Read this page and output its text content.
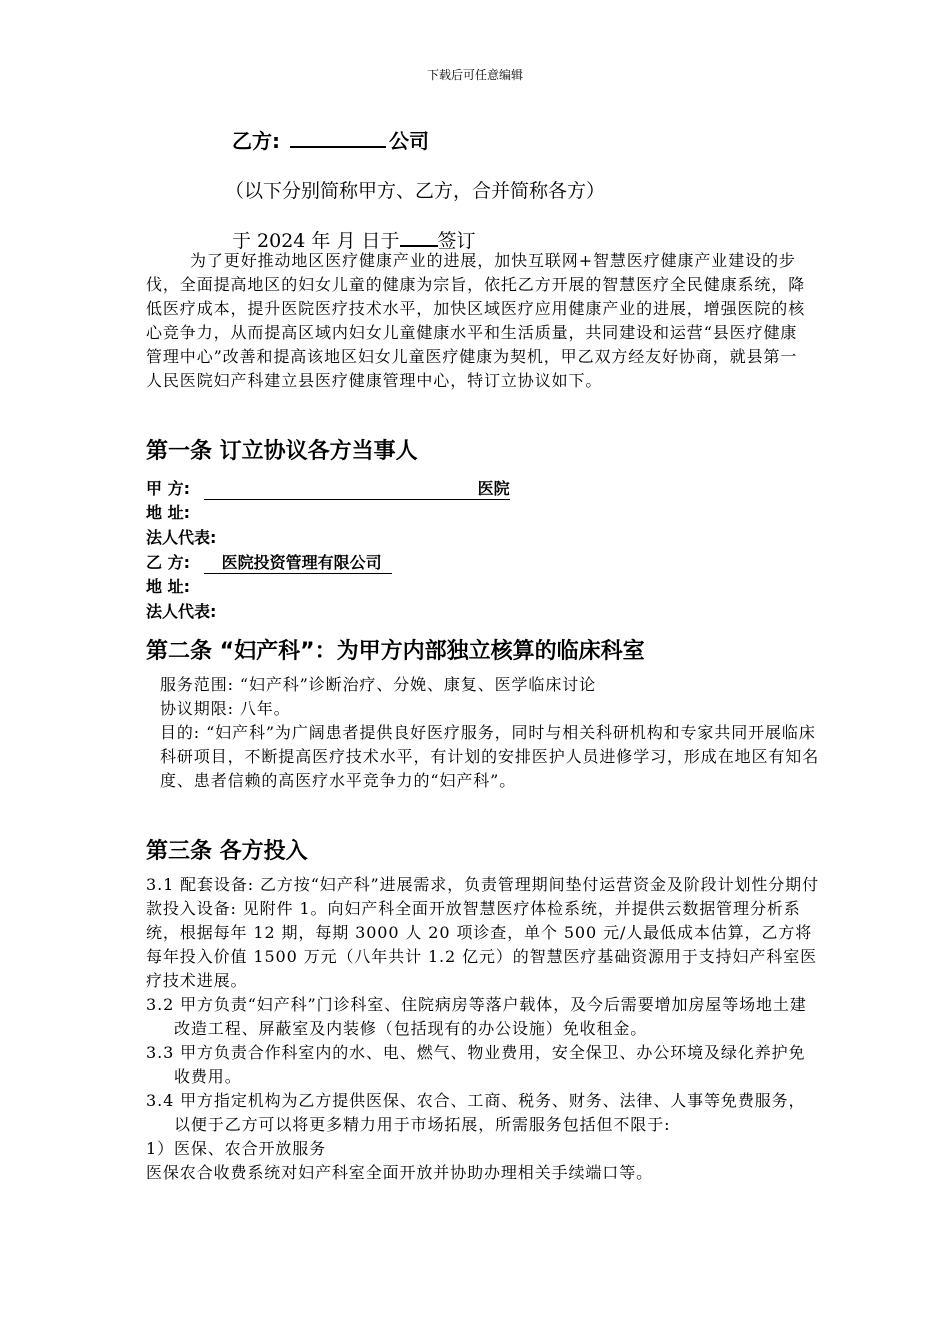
下载后可任意编辑
乙方:	公司
（以下分别简称甲方、乙方，合并简称各方）
于 2024 年 月 日于 签订
为了更好推动地区医疗健康产业的进展，加快互联网+智慧医疗健康产业建设的步伐，全面提高地区的妇女儿童的健康为宗旨，依托乙方开展的智慧医疗全民健康系统，降低医疗成本，提升医院医疗技术水平，加快区域医疗应用健康产业的进展，增强医院的核心竞争力，从而提高区域内妇女儿童健康水平和生活质量，共同建设和运营“县医疗健康管理中心”改善和提高该地区妇女儿童医疗健康为契机，甲乙双方经友好协商，就县第一人民医院妇产科建立县医疗健康管理中心，特订立协议如下。
第一条 订立协议各方当事人
甲 方:	医院
地 址:
法人代表:
乙 方: 医院投资管理有限公司
地 址:
法人代表:
第二条 “妇产科”：为甲方内部独立核算的临床科室
服务范围: “妇产科”诊断治疗、分娩、康复、医学临床讨论
协议期限: 八年。
目的: “妇产科”为广阔患者提供良好医疗服务，同时与相关科研机构和专家共同开展临床科研项目，不断提高医疗技术水平，有计划的安排医护人员进修学习，形成在地区有知名度、患者信赖的高医疗水平竞争力的“妇产科”。
第三条 各方投入
3.1 配套设备: 乙方按“妇产科”进展需求，负责管理期间垫付运营资金及阶段计划性分期付款投入设备: 见附件 1。向妇产科全面开放智慧医疗体检系统，并提供云数据管理分析系统，根据每年 12 期，每期 3000 人 20 项诊查，单个 500 元/人最低成本估算，乙方将每年投入价值 1500 万元（八年共计 1.2 亿元）的智慧医疗基础资源用于支持妇产科室医疗技术进展。
3.2 甲方负责“妇产科”门诊科室、住院病房等落户载体，及今后需要增加房屋等场地土建改造工程、屏蔽室及内装修（包括现有的办公设施）免收租金。
3.3 甲方负责合作科室内的水、电、燃气、物业费用，安全保卫、办公环境及绿化养护免收费用。
3.4 甲方指定机构为乙方提供医保、农合、工商、税务、财务、法律、人事等免费服务，以便于乙方可以将更多精力用于市场拓展，所需服务包括但不限于:
1）医保、农合开放服务
医保农合收费系统对妇产科室全面开放并协助办理相关手续端口等。
